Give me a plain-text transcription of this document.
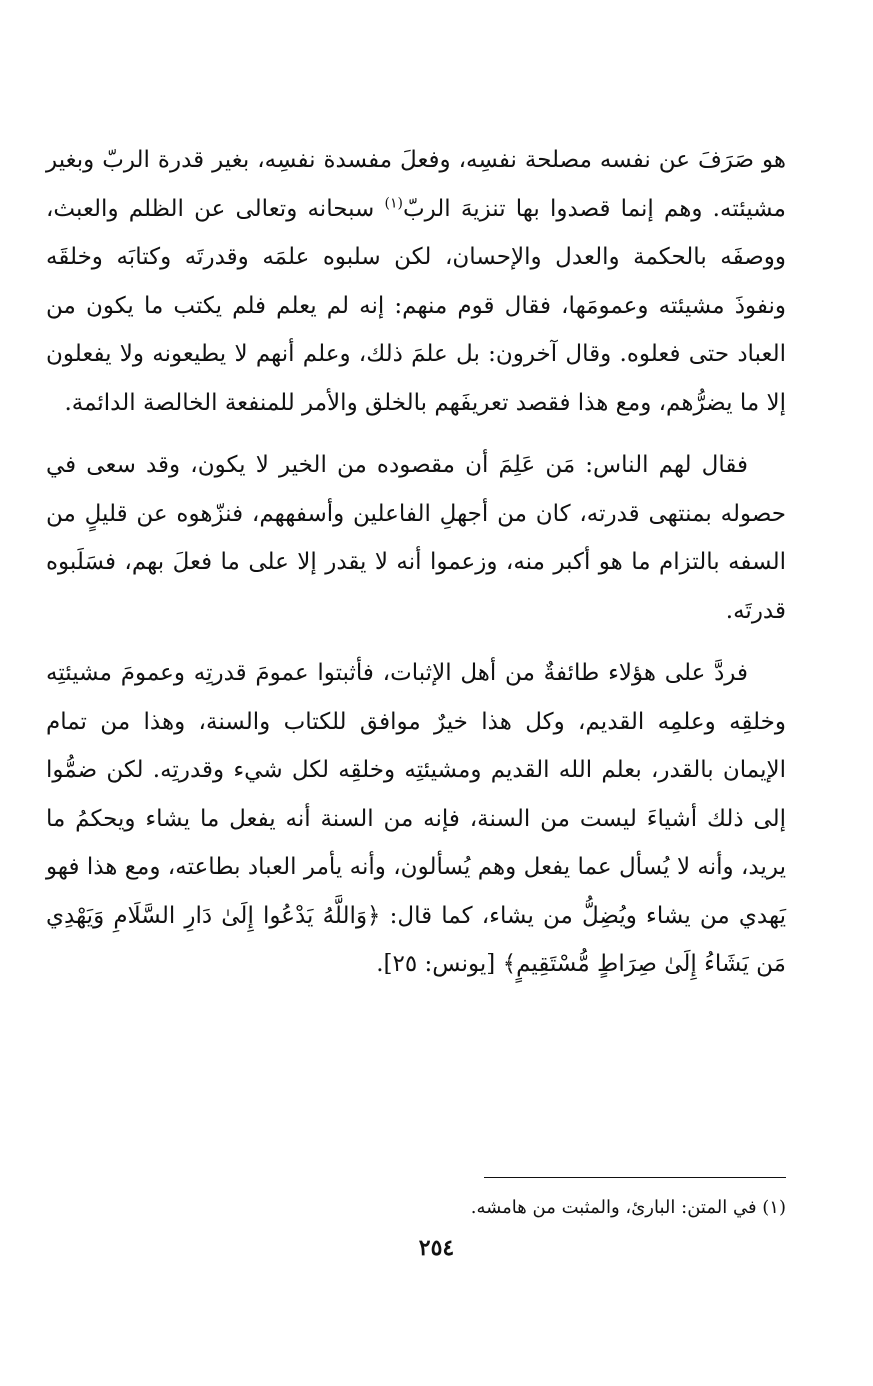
هو صَرَفَ عن نفسه مصلحة نفسِه، وفعلَ مفسدة نفسِه، بغير قدرة الربّ وبغير مشيئته. وهم إنما قصدوا بها تنزيهَ الربّ$^{(١)}$ سبحانه وتعالى عن الظلم والعبث، ووصفَه بالحكمة والعدل والإحسان، لكن سلبوه علمَه وقدرتَه وكتابَه وخلقَه ونفوذَ مشيئته وعمومَها، فقال قوم منهم: إنه لم يعلم فلم يكتب ما يكون من العباد حتى فعلوه. وقال آخرون: بل علمَ ذلك، وعلم أنهم لا يطيعونه ولا يفعلون إلا ما يضرُّهم، ومع هذا فقصد تعريفَهم بالخلق والأمر للمنفعة الخالصة الدائمة.

فقال لهم الناس: مَن عَلِمَ أن مقصوده من الخير لا يكون، وقد سعى في حصوله بمنتهى قدرته، كان من أجهلِ الفاعلين وأسفههم، فنزّهوه عن قليلٍ من السفه بالتزام ما هو أكبر منه، وزعموا أنه لا يقدر إلا على ما فعلَ بهم، فسَلَبوه قدرتَه.

فردَّ على هؤلاء طائفةٌ من أهل الإثبات، فأثبتوا عمومَ قدرتِه وعمومَ مشيئتِه وخلقِه وعلمِه القديم، وكل هذا خيرٌ موافق للكتاب والسنة، وهذا من تمام الإيمان بالقدر، بعلم الله القديم ومشيئتِه وخلقِه لكل شيء وقدرتِه. لكن ضمُّوا إلى ذلك أشياءَ ليست من السنة، فإنه من السنة أنه يفعل ما يشاء ويحكمُ ما يريد، وأنه لا يُسأل عما يفعل وهم يُسألون، وأنه يأمر العباد بطاعته، ومع هذا فهو يَهدي من يشاء ويُضِلُّ من يشاء، كما قال: ﴿وَاللَّهُ يَدْعُوا إِلَىٰ دَارِ السَّلَامِ وَيَهْدِي مَن يَشَاءُ إِلَىٰ صِرَاطٍ مُّسْتَقِيمٍ﴾ [يونس: ٢٥].

(١) في المتن: البارئ، والمثبت من هامشه.
٢٥٤
